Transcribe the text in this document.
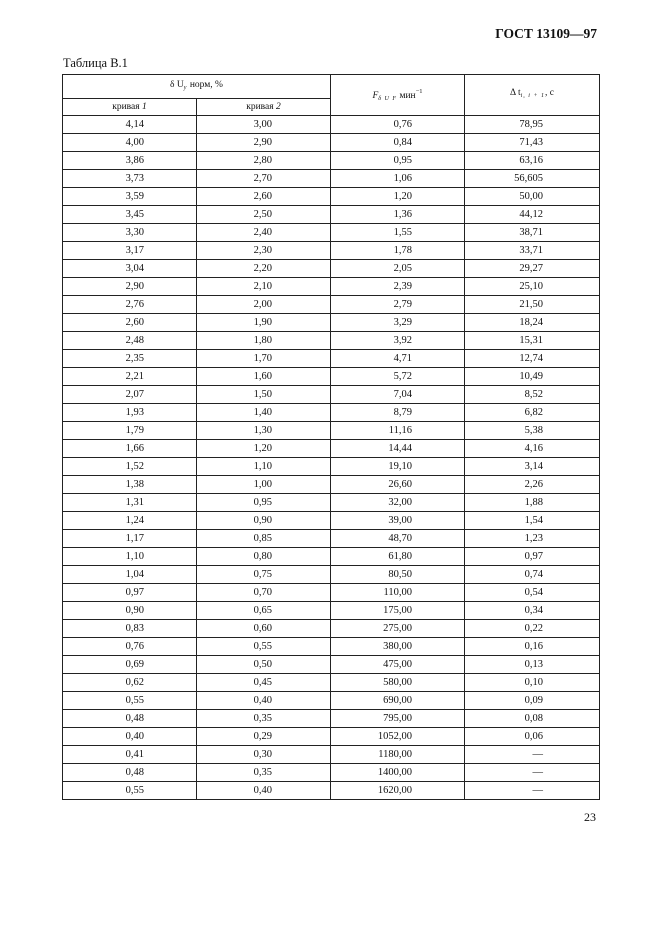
ГОСТ 13109—97
Таблица В.1
δ $U_y$ норм, %		$F_{\delta U F}$ мин$^{-1}$	Δ $t_{i, i + 1}$, с
кривая 1	кривая 2		
4,14	3,00	0,76	78,95
4,00	2,90	0,84	71,43
3,86	2,80	0,95	63,16
3,73	2,70	1,06	56,605
3,59	2,60	1,20	50,00
3,45	2,50	1,36	44,12
3,30	2,40	1,55	38,71
3,17	2,30	1,78	33,71
3,04	2,20	2,05	29,27
2,90	2,10	2,39	25,10
2,76	2,00	2,79	21,50
2,60	1,90	3,29	18,24
2,48	1,80	3,92	15,31
2,35	1,70	4,71	12,74
2,21	1,60	5,72	10,49
2,07	1,50	7,04	8,52
1,93	1,40	8,79	6,82
1,79	1,30	11,16	5,38
1,66	1,20	14,44	4,16
1,52	1,10	19,10	3,14
1,38	1,00	26,60	2,26
1,31	0,95	32,00	1,88
1,24	0,90	39,00	1,54
1,17	0,85	48,70	1,23
1,10	0,80	61,80	0,97
1,04	0,75	80,50	0,74
0,97	0,70	110,00	0,54
0,90	0,65	175,00	0,34
0,83	0,60	275,00	0,22
0,76	0,55	380,00	0,16
0,69	0,50	475,00	0,13
0,62	0,45	580,00	0,10
0,55	0,40	690,00	0,09
0,48	0,35	795,00	0,08
0,40	0,29	1052,00	0,06
0,41	0,30	1180,00	—
0,48	0,35	1400,00	—
0,55	0,40	1620,00	—
23
